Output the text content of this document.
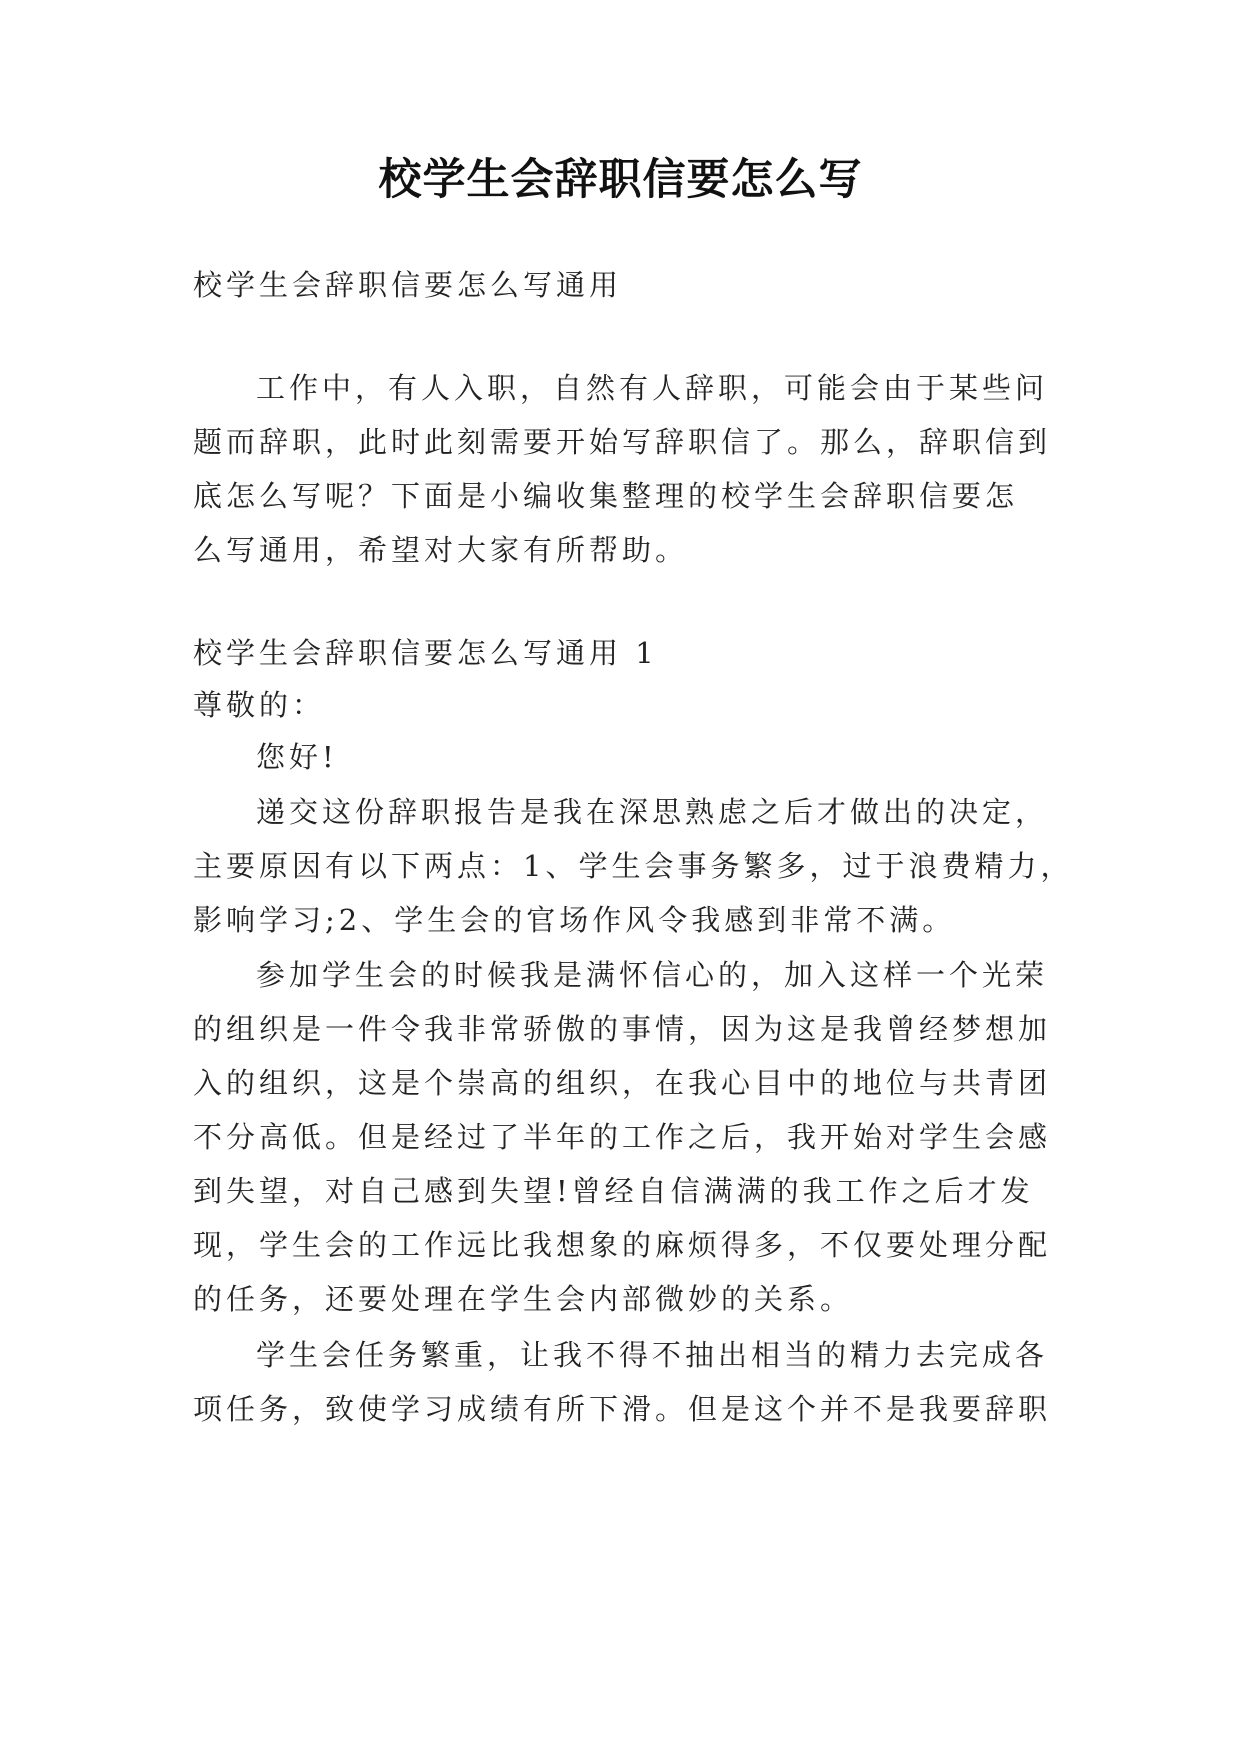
校学生会辞职信要怎么写
校学生会辞职信要怎么写通用
工作中，有人入职，自然有人辞职，可能会由于某些问
题而辞职，此时此刻需要开始写辞职信了。那么，辞职信到
底怎么写呢？下面是小编收集整理的校学生会辞职信要怎
么写通用，希望对大家有所帮助。
校学生会辞职信要怎么写通用 1
尊敬的：
您好!
递交这份辞职报告是我在深思熟虑之后才做出的决定，
主要原因有以下两点：1、学生会事务繁多，过于浪费精力，
影响学习;2、学生会的官场作风令我感到非常不满。
参加学生会的时候我是满怀信心的，加入这样一个光荣
的组织是一件令我非常骄傲的事情，因为这是我曾经梦想加
入的组织，这是个崇高的组织，在我心目中的地位与共青团
不分高低。但是经过了半年的工作之后，我开始对学生会感
到失望，对自己感到失望!曾经自信满满的我工作之后才发
现，学生会的工作远比我想象的麻烦得多，不仅要处理分配
的任务，还要处理在学生会内部微妙的关系。
学生会任务繁重，让我不得不抽出相当的精力去完成各
项任务，致使学习成绩有所下滑。但是这个并不是我要辞职
